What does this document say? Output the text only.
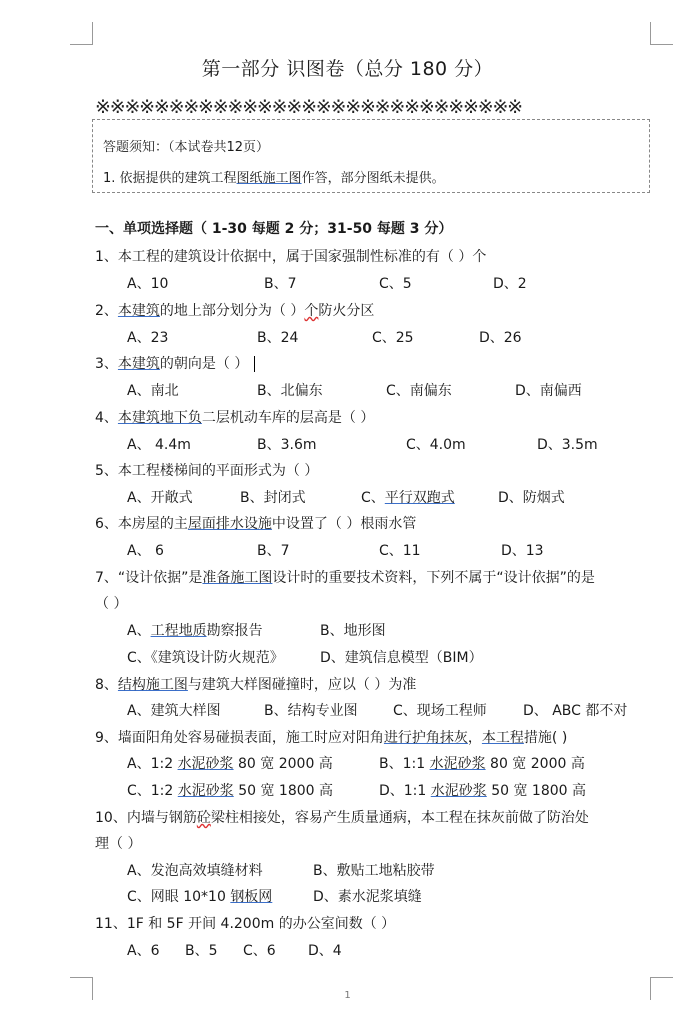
第一部分 识图卷（总分 180 分）
※※※※※※※※※※※※※※※※※※※※※※※※※※※※※
答题须知：（本试卷共12页）
1. 依据提供的建筑工程图纸施工图作答，部分图纸未提供。
一、单项选择题（ 1-30 每题 2 分；31-50 每题 3 分）
1、本工程的建筑设计依据中，属于国家强制性标准的有（ ）个
A、10	B、7	C、5	D、2
2、本建筑的地上部分划分为（ ）个防火分区
A、23	B、24	C、25	D、26
3、本建筑的朝向是（ ）
A、南北	B、北偏东	C、南偏东	D、南偏西
4、本建筑地下负二层机动车库的层高是（ ）
A、 4.4m	B、3.6m	C、4.0m	D、3.5m
5、本工程楼梯间的平面形式为（ ）
A、开敞式	B、封闭式	C、平行双跑式	D、防烟式
6、本房屋的主屋面排水设施中设置了（ ）根雨水管
A、 6	B、7	C、11	D、13
7、“设计依据”是准备施工图设计时的重要技术资料，下列不属于“设计依据”的是
（ ）
A、工程地质勘察报告	B、地形图
C、《建筑设计防火规范》	D、建筑信息模型（BIM）
8、结构施工图与建筑大样图碰撞时，应以（ ）为准
A、建筑大样图	B、结构专业图	C、现场工程师	D、 ABC 都不对
9、墙面阳角处容易碰损表面，施工时应对阳角进行护角抹灰，本工程措施( )
A、1:2 水泥砂浆 80 宽 2000 高	B、1:1 水泥砂浆 80 宽 2000 高
C、1:2 水泥砂浆 50 宽 1800 高	D、1:1 水泥砂浆 50 宽 1800 高
10、内墙与钢筋砼梁柱相接处，容易产生质量通病，本工程在抹灰前做了防治处
理（ ）
A、发泡高效填缝材料	B、敷贴工地粘胶带
C、网眼 10*10 钢板网	D、素水泥浆填缝
11、1F 和 5F 开间 4.200m 的办公室间数（ ）
A、6 B、5 C、6 D、4
1
